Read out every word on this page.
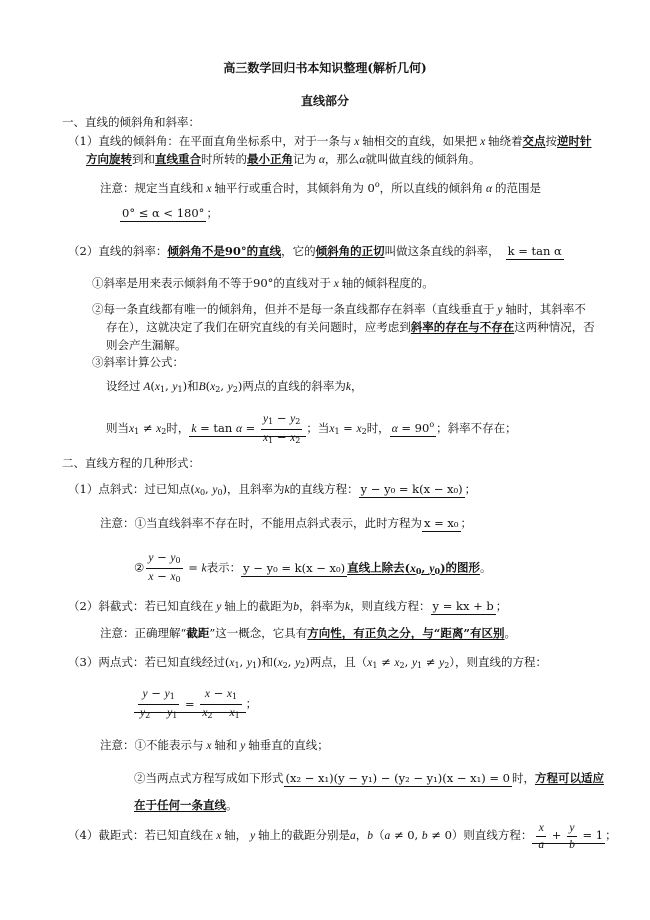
高三数学回归书本知识整理(解析几何)
直线部分
一、直线的倾斜角和斜率：
（1）直线的倾斜角：在平面直角坐标系中，对于一条与 x 轴相交的直线，如果把 x 轴绕着交点按逆时针
方向旋转到和直线重合时所转的最小正角记为 α，那么α就叫做直线的倾斜角。
注意：规定当直线和 x 轴平行或重合时，其倾斜角为 0$^o$，所以直线的倾斜角 α 的范围是
0° ≤ α < 180° ；
（2）直线的斜率：倾斜角不是90°的直线，它的倾斜角的正切叫做这条直线的斜率， k = tan α
①斜率是用来表示倾斜角不等于90°的直线对于 x 轴的倾斜程度的。
②每一条直线都有唯一的倾斜角，但并不是每一条直线都存在斜率（直线垂直于 y 轴时，其斜率不
存在），这就决定了我们在研究直线的有关问题时，应考虑到斜率的存在与不存在这两种情况，否
则会产生漏解。
③斜率计算公式：
设经过 A(x1, y1)和B(x2, y2)两点的直线的斜率为k，
则当x1 ≠ x2时， $k = \tan \alpha = \frac{y1 - y2}{x1 - x2}$ ；当x1 = x2时， $\alpha = 90^o$ ；斜率不存在；
二、直线方程的几种形式：
（1）点斜式：过已知点(x0, y0)，且斜率为k的直线方程： y − y₀ = k(x − x₀) ；
注意：①当直线斜率不存在时，不能用点斜式表示，此时方程为 x = x₀ ；
② $\frac{y - y0}{x - x0} = k$表示： y − y₀ = k(x − x₀) 直线上除去(x0, y0)的图形。
（2）斜截式：若已知直线在 y 轴上的截距为b，斜率为k，则直线方程： y = kx + b ；
注意：正确理解“截距”这一概念，它具有方向性，有正负之分，与“距离”有区别。
（3）两点式：若已知直线经过(x1, y1)和(x2, y2)两点，且（x1 ≠ x2, y1 ≠ y2），则直线的方程：
$\frac{y - y1}{y2 - y1} = \frac{x - x1}{x2 - x1}$ ；
注意：①不能表示与 x 轴和 y 轴垂直的直线；
②当两点式方程写成如下形式 (x₂ − x₁)(y − y₁) − (y₂ − y₁)(x − x₁) = 0 时，方程可以适应
在于任何一条直线。
（4）截距式：若已知直线在 x 轴， y 轴上的截距分别是a，b（a ≠ 0, b ≠ 0）则直线方程： $\frac{x}{a} + \frac{y}{b} = 1$ ；
